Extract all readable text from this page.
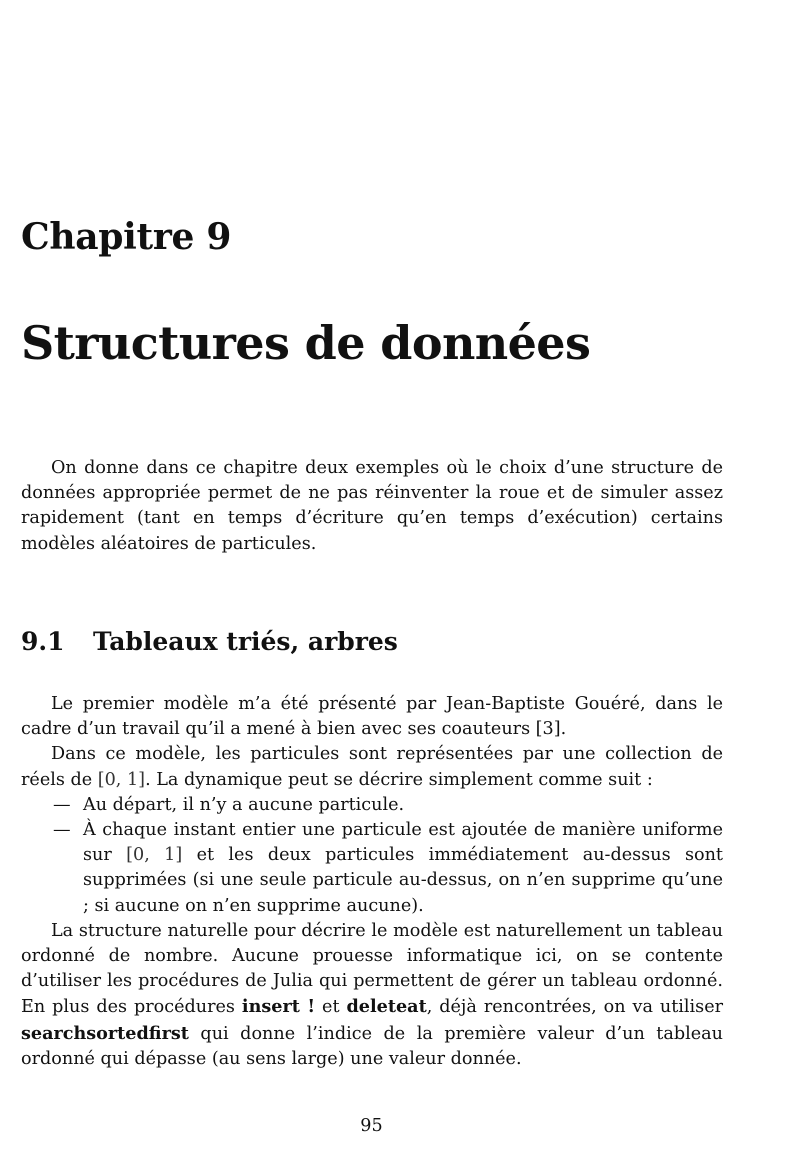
Chapitre 9
Structures de données

On donne dans ce chapitre deux exemples où le choix d’une structure de données appropriée permet de ne pas réinventer la roue et de simuler assez rapidement (tant en temps d’écriture qu’en temps d’exécution) certains modèles aléatoires de particules.

9.1 Tableaux triés, arbres

Le premier modèle m’a été présenté par Jean-Baptiste Gouéré, dans le cadre d’un travail qu’il a mené à bien avec ses coauteurs [3].

Dans ce modèle, les particules sont représentées par une collection de réels de [0, 1]. La dynamique peut se décrire simplement comme suit :

— Au départ, il n’y a aucune particule.
— À chaque instant entier une particule est ajoutée de manière uniforme sur [0, 1] et les deux particules immédiatement au-dessus sont supprimées (si une seule particule au-dessus, on n’en supprime qu’une ; si aucune on n’en supprime aucune).

La structure naturelle pour décrire le modèle est naturellement un tableau ordonné de nombre. Aucune prouesse informatique ici, on se contente d’utiliser les procédures de Julia qui permettent de gérer un tableau ordonné. En plus des procédures insert ! et deleteat, déjà rencontrées, on va utiliser searchsortedfirst qui donne l’indice de la première valeur d’un tableau ordonné qui dépasse (au sens large) une valeur donnée.

95
